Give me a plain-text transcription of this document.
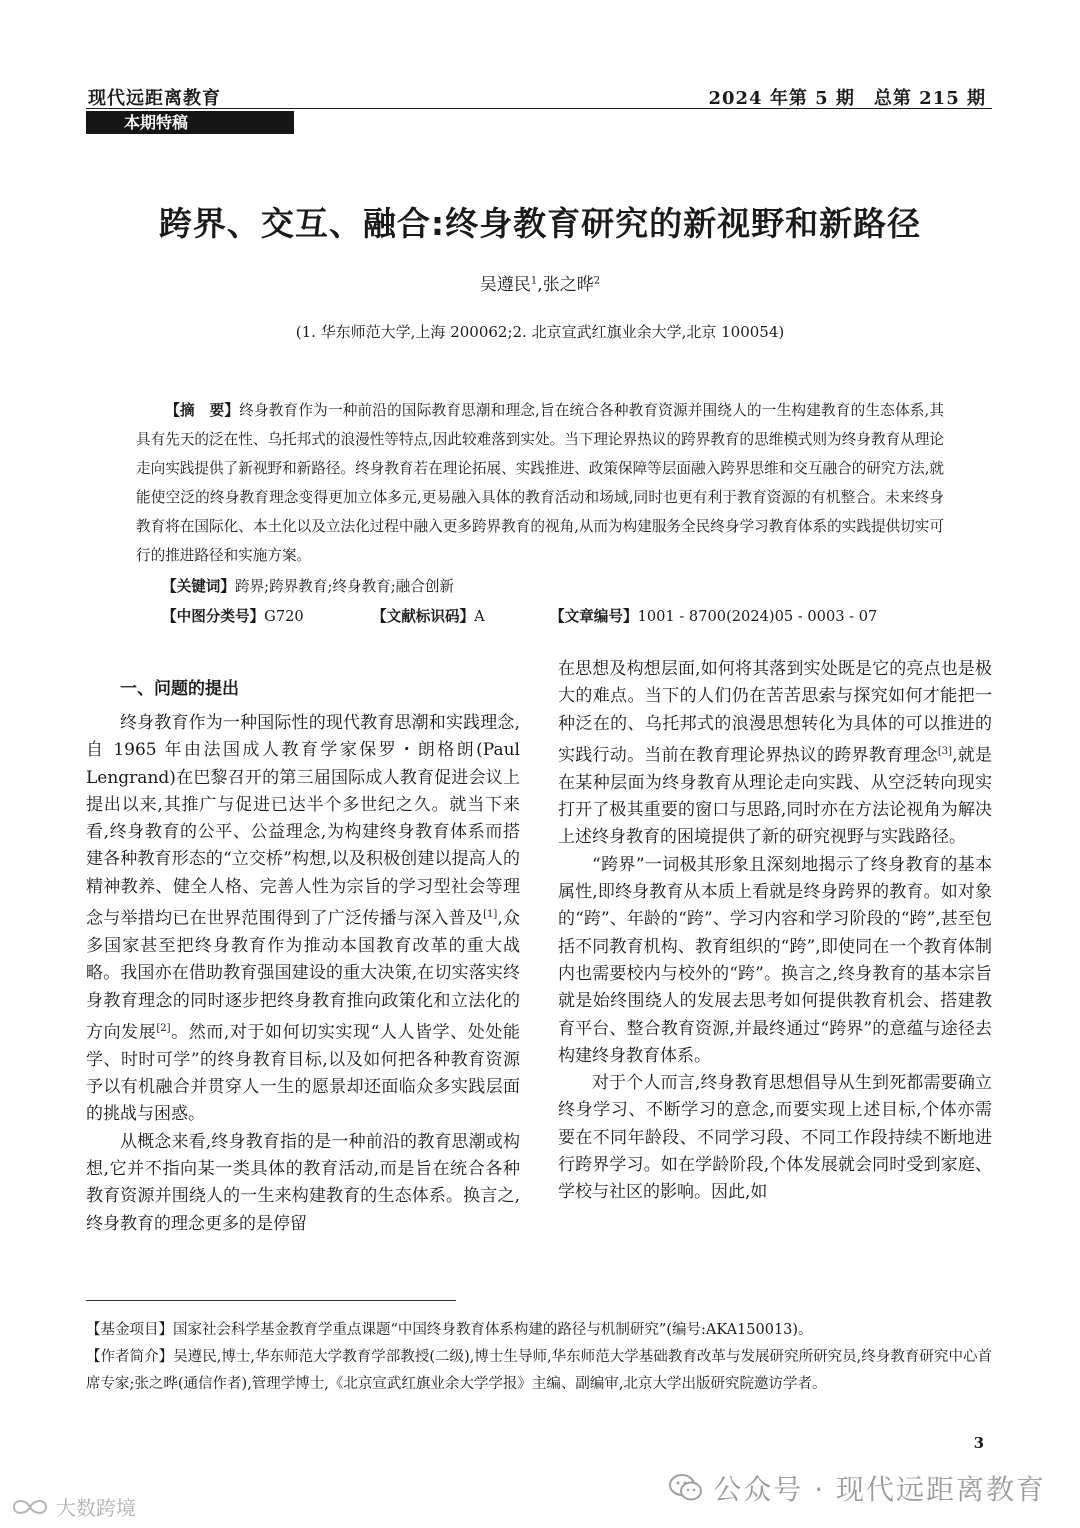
现代远距离教育	2024 年第 5 期　总第 215 期
本期特稿
跨界、交互、融合:终身教育研究的新视野和新路径
吴遵民$^1$,张之晔$^2$
(1. 华东师范大学,上海 200062;2. 北京宣武红旗业余大学,北京 100054)
【摘　要】终身教育作为一种前沿的国际教育思潮和理念,旨在统合各种教育资源并围绕人的一生构建教育的生态体系,其具有先天的泛在性、乌托邦式的浪漫性等特点,因此较难落到实处。当下理论界热议的跨界教育的思维模式则为终身教育从理论走向实践提供了新视野和新路径。终身教育若在理论拓展、实践推进、政策保障等层面融入跨界思维和交互融合的研究方法,就能使空泛的终身教育理念变得更加立体多元,更易融入具体的教育活动和场域,同时也更有利于教育资源的有机整合。未来终身教育将在国际化、本土化以及立法化过程中融入更多跨界教育的视角,从而为构建服务全民终身学习教育体系的实践提供切实可行的推进路径和实施方案。
【关键词】跨界;跨界教育;终身教育;融合创新
【中图分类号】G720	【文献标识码】A	【文章编号】1001 - 8700(2024)05 - 0003 - 07
一、问题的提出

终身教育作为一种国际性的现代教育思潮和实践理念,自 1965 年由法国成人教育学家保罗・朗格朗(Paul Lengrand)在巴黎召开的第三届国际成人教育促进会议上提出以来,其推广与促进已达半个多世纪之久。就当下来看,终身教育的公平、公益理念,为构建终身教育体系而搭建各种教育形态的“立交桥”构想,以及积极创建以提高人的精神教养、健全人格、完善人性为宗旨的学习型社会等理念与举措均已在世界范围得到了广泛传播与深入普及[1],众多国家甚至把终身教育作为推动本国教育改革的重大战略。我国亦在借助教育强国建设的重大决策,在切实落实终身教育理念的同时逐步把终身教育推向政策化和立法化的方向发展[2]。然而,对于如何切实实现“人人皆学、处处能学、时时可学”的终身教育目标,以及如何把各种教育资源予以有机融合并贯穿人一生的愿景却还面临众多实践层面的挑战与困惑。

从概念来看,终身教育指的是一种前沿的教育思潮或构想,它并不指向某一类具体的教育活动,而是旨在统合各种教育资源并围绕人的一生来构建教育的生态体系。换言之,终身教育的理念更多的是停留

在思想及构想层面,如何将其落到实处既是它的亮点也是极大的难点。当下的人们仍在苦苦思索与探究如何才能把一种泛在的、乌托邦式的浪漫思想转化为具体的可以推进的实践行动。当前在教育理论界热议的跨界教育理念[3],就是在某种层面为终身教育从理论走向实践、从空泛转向现实打开了极其重要的窗口与思路,同时亦在方法论视角为解决上述终身教育的困境提供了新的研究视野与实践路径。

“跨界”一词极其形象且深刻地揭示了终身教育的基本属性,即终身教育从本质上看就是终身跨界的教育。如对象的“跨”、年龄的“跨”、学习内容和学习阶段的“跨”,甚至包括不同教育机构、教育组织的“跨”,即使同在一个教育体制内也需要校内与校外的“跨”。换言之,终身教育的基本宗旨就是始终围绕人的发展去思考如何提供教育机会、搭建教育平台、整合教育资源,并最终通过“跨界”的意蕴与途径去构建终身教育体系。

对于个人而言,终身教育思想倡导从生到死都需要确立终身学习、不断学习的意念,而要实现上述目标,个体亦需要在不同年龄段、不同学习段、不同工作段持续不断地进行跨界学习。如在学龄阶段,个体发展就会同时受到家庭、学校与社区的影响。因此,如

【基金项目】国家社会科学基金教育学重点课题“中国终身教育体系构建的路径与机制研究”(编号:AKA150013)。

【作者简介】吴遵民,博士,华东师范大学教育学部教授(二级),博士生导师,华东师范大学基础教育改革与发展研究所研究员,终身教育研究中心首席专家;张之晔(通信作者),管理学博士,《北京宣武红旗业余大学学报》主编、副编审,北京大学出版研究院邀访学者。

3
公众号 · 现代远距离教育
大数跨境
